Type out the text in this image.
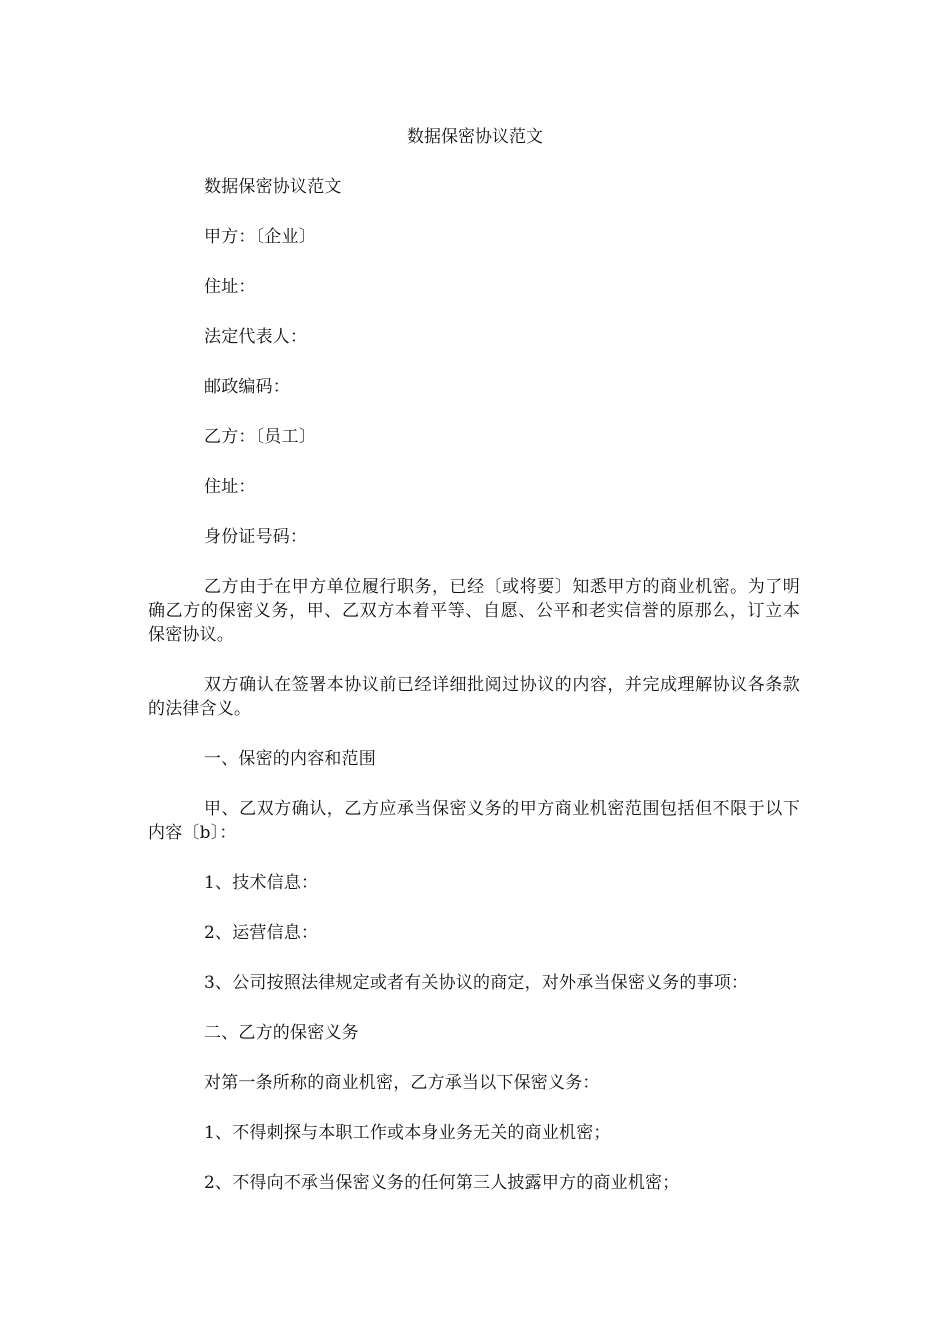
数据保密协议范文

数据保密协议范文

甲方：〔企业〕

住址：

法定代表人：

邮政编码：

乙方：〔员工〕

住址：

身份证号码：

乙方由于在甲方单位履行职务，已经〔或将要〕知悉甲方的商业机密。为了明确乙方的保密义务，甲、乙双方本着平等、自愿、公平和老实信誉的原那么，订立本保密协议。

双方确认在签署本协议前已经详细批阅过协议的内容，并完成理解协议各条款的法律含义。

一、保密的内容和范围

甲、乙双方确认，乙方应承当保密义务的甲方商业机密范围包括但不限于以下内容〔b〕：

1、技术信息：

2、运营信息：

3、公司按照法律规定或者有关协议的商定，对外承当保密义务的事项：

二、乙方的保密义务

对第一条所称的商业机密，乙方承当以下保密义务：

1、不得刺探与本职工作或本身业务无关的商业机密；

2、不得向不承当保密义务的任何第三人披露甲方的商业机密；
